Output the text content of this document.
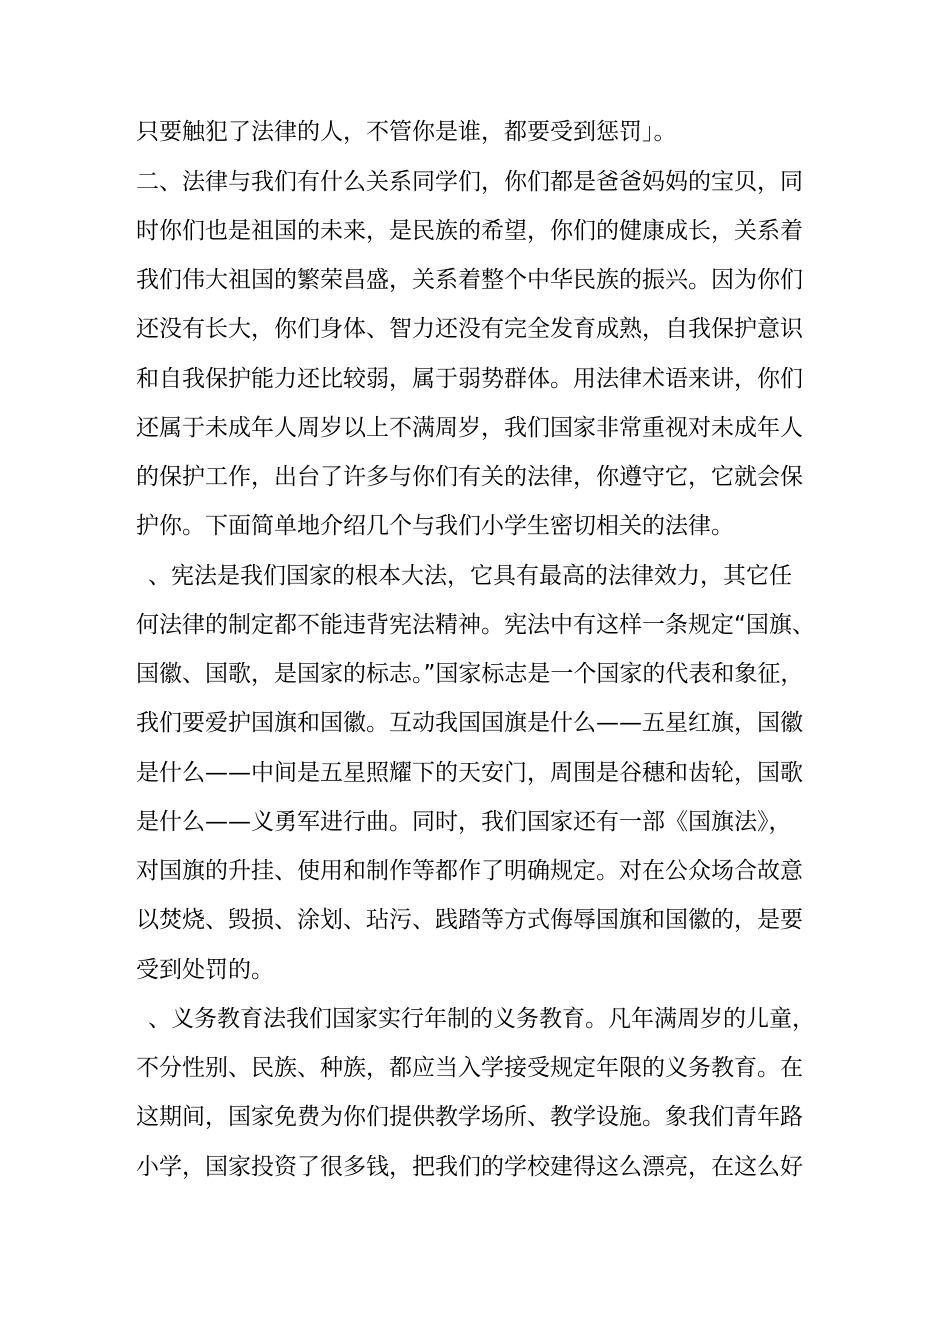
只要触犯了法律的人，不管你是谁，都要受到惩罚」。

二、法律与我们有什么关系同学们，你们都是爸爸妈妈的宝贝，同

时你们也是祖国的未来，是民族的希望，你们的健康成长，关系着

我们伟大祖国的繁荣昌盛，关系着整个中华民族的振兴。因为你们

还没有长大，你们身体、智力还没有完全发育成熟，自我保护意识

和自我保护能力还比较弱，属于弱势群体。用法律术语来讲，你们

还属于未成年人周岁以上不满周岁，我们国家非常重视对未成年人

的保护工作，出台了许多与你们有关的法律，你遵守它，它就会保

护你。下面简单地介绍几个与我们小学生密切相关的法律。

、宪法是我们国家的根本大法，它具有最高的法律效力，其它任

何法律的制定都不能违背宪法精神。宪法中有这样一条规定“国旗、

国徽、国歌，是国家的标志。”国家标志是一个国家的代表和象征，

我们要爱护国旗和国徽。互动我国国旗是什么——五星红旗，国徽

是什么——中间是五星照耀下的天安门，周围是谷穗和齿轮，国歌

是什么——义勇军进行曲。同时，我们国家还有一部《国旗法》，

对国旗的升挂、使用和制作等都作了明确规定。对在公众场合故意

以焚烧、毁损、涂划、玷污、践踏等方式侮辱国旗和国徽的，是要

受到处罚的。

、义务教育法我们国家实行年制的义务教育。凡年满周岁的儿童，

不分性别、民族、种族，都应当入学接受规定年限的义务教育。在

这期间，国家免费为你们提供教学场所、教学设施。象我们青年路

小学，国家投资了很多钱，把我们的学校建得这么漂亮，在这么好
